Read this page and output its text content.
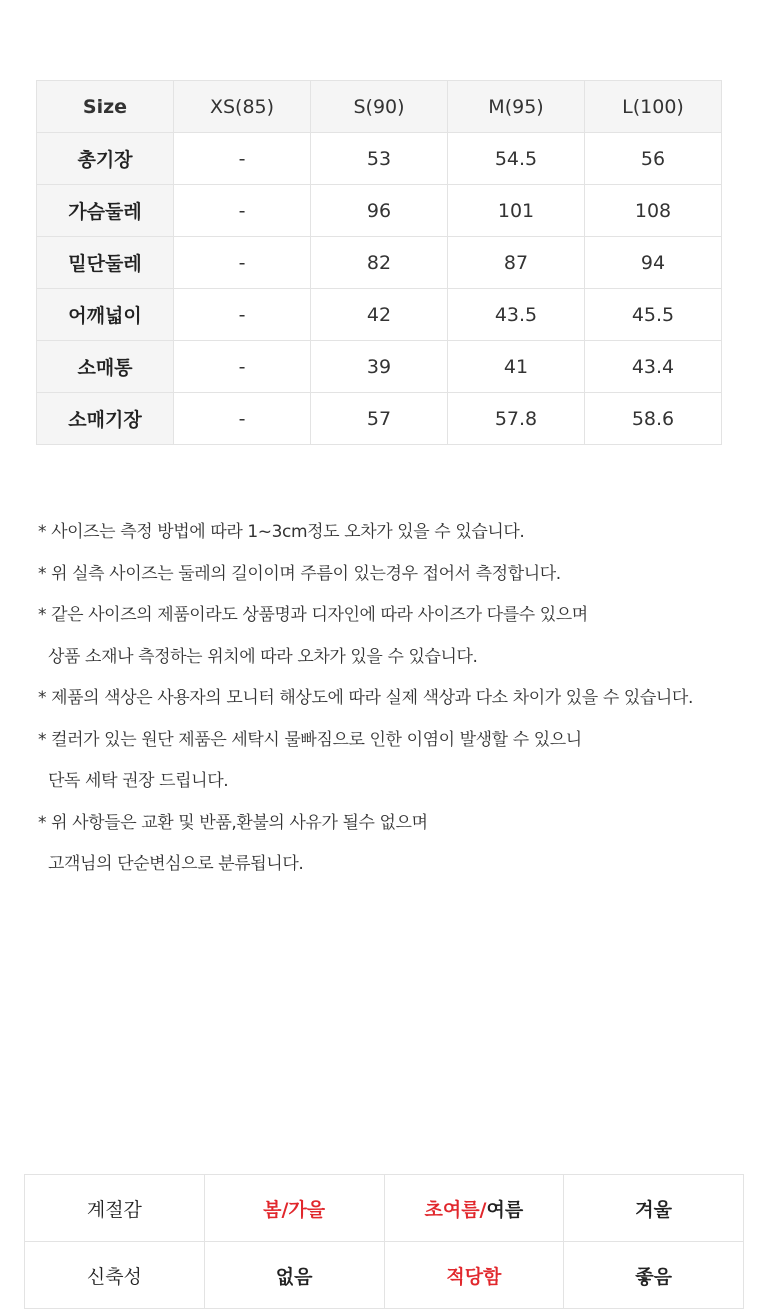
Size	XS(85)	S(90)	M(95)	L(100)
총기장	-	53	54.5	56
가슴둘레	-	96	101	108
밑단둘레	-	82	87	94
어깨넓이	-	42	43.5	45.5
소매통	-	39	41	43.4
소매기장	-	57	57.8	58.6
* 사이즈는 측정 방법에 따라 1~3cm정도 오차가 있을 수 있습니다.
* 위 실측 사이즈는 둘레의 길이이며 주름이 있는경우 접어서 측정합니다.
* 같은 사이즈의 제품이라도 상품명과 디자인에 따라 사이즈가 다를수 있으며
상품 소재나 측정하는 위치에 따라 오차가 있을 수 있습니다.
* 제품의 색상은 사용자의 모니터 해상도에 따라 실제 색상과 다소 차이가 있을 수 있습니다.
* 컬러가 있는 원단 제품은 세탁시 물빠짐으로 인한 이염이 발생할 수 있으니
단독 세탁 권장 드립니다.
* 위 사항들은 교환 및 반품,환불의 사유가 될수 없으며
고객님의 단순변심으로 분류됩니다.
계절감	봄/가을	초여름/여름	겨울
신축성	없음	적당함	좋음
